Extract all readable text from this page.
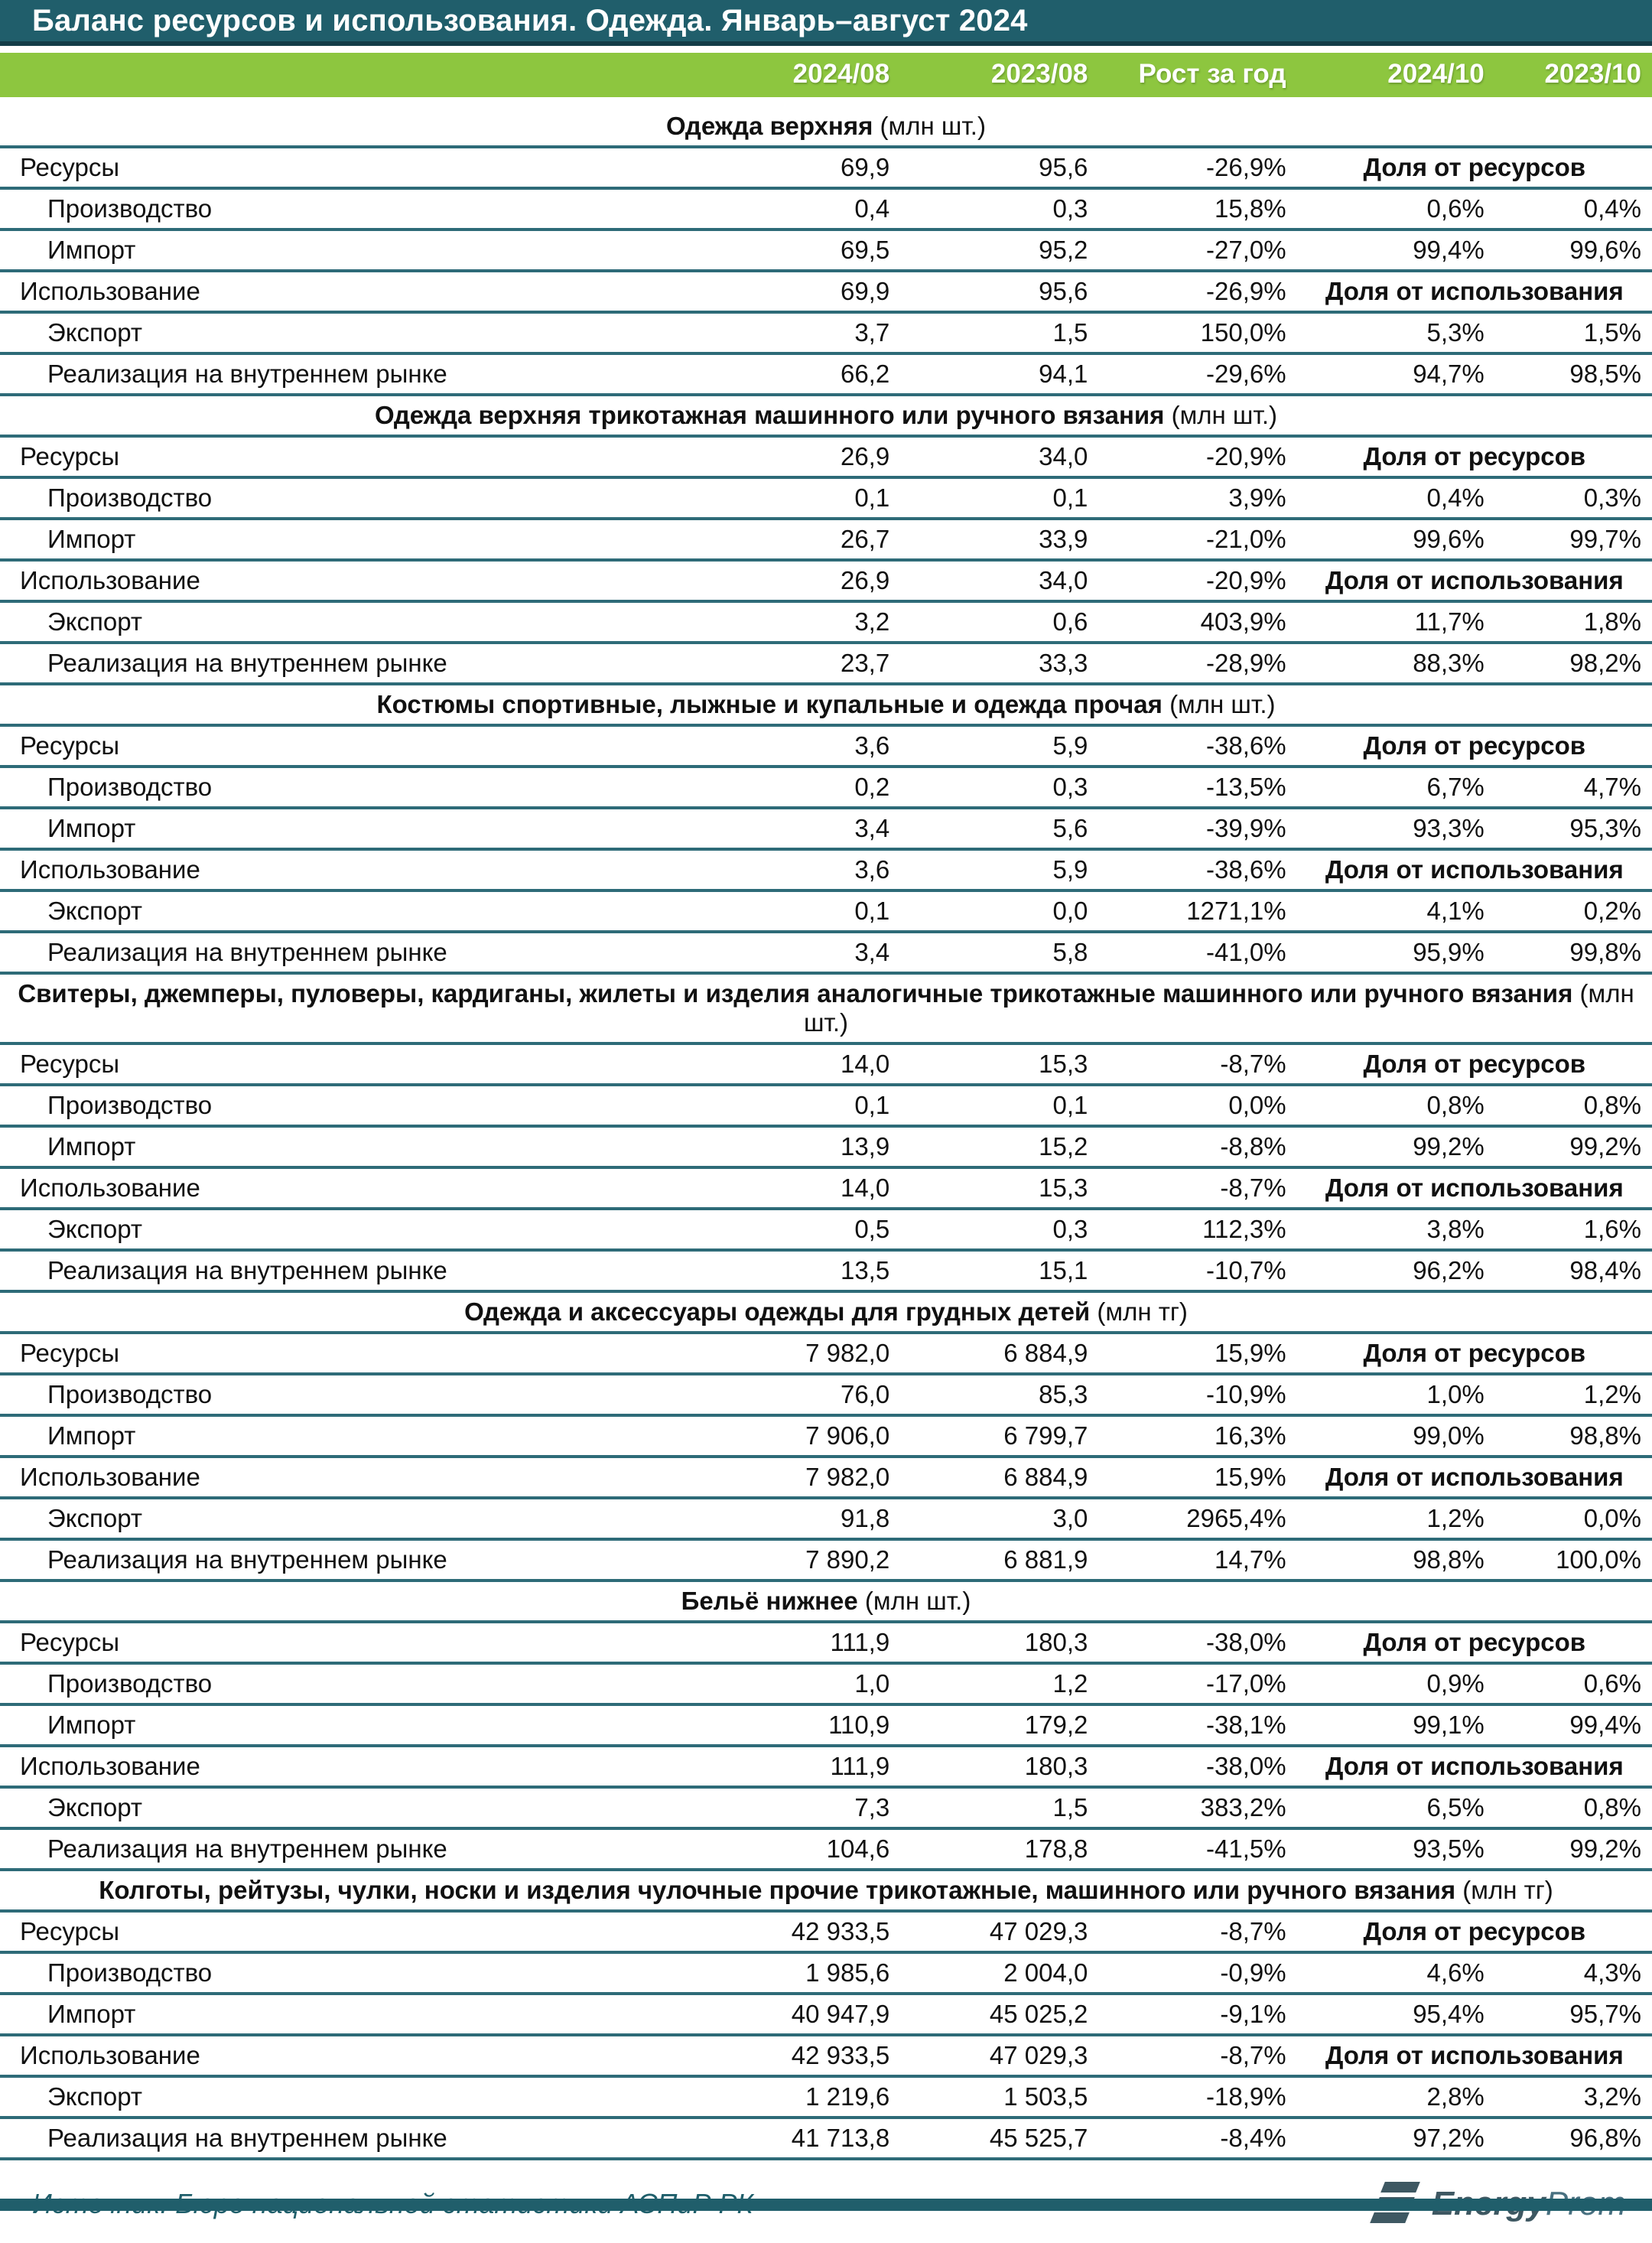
Баланс ресурсов и использования. Одежда. Январь–август 2024
	2024/08	2023/08	Рост за год	2024/10	2023/10
Одежда верхняя (млн шт.)					
Ресурсы	69,9	95,6	-26,9%	Доля от ресурсов	
Производство	0,4	0,3	15,8%	0,6%	0,4%
Импорт	69,5	95,2	-27,0%	99,4%	99,6%
Использование	69,9	95,6	-26,9%	Доля от использования	
Экспорт	3,7	1,5	150,0%	5,3%	1,5%
Реализация на внутреннем рынке	66,2	94,1	-29,6%	94,7%	98,5%
Одежда верхняя трикотажная машинного или ручного вязания (млн шт.)					
Ресурсы	26,9	34,0	-20,9%	Доля от ресурсов	
Производство	0,1	0,1	3,9%	0,4%	0,3%
Импорт	26,7	33,9	-21,0%	99,6%	99,7%
Использование	26,9	34,0	-20,9%	Доля от использования	
Экспорт	3,2	0,6	403,9%	11,7%	1,8%
Реализация на внутреннем рынке	23,7	33,3	-28,9%	88,3%	98,2%
Костюмы спортивные, лыжные и купальные и одежда прочая (млн шт.)					
Ресурсы	3,6	5,9	-38,6%	Доля от ресурсов	
Производство	0,2	0,3	-13,5%	6,7%	4,7%
Импорт	3,4	5,6	-39,9%	93,3%	95,3%
Использование	3,6	5,9	-38,6%	Доля от использования	
Экспорт	0,1	0,0	1271,1%	4,1%	0,2%
Реализация на внутреннем рынке	3,4	5,8	-41,0%	95,9%	99,8%
Свитеры, джемперы, пуловеры, кардиганы, жилеты и изделия аналогичные трикотажные машинного или ручного вязания (млн шт.)					
Ресурсы	14,0	15,3	-8,7%	Доля от ресурсов	
Производство	0,1	0,1	0,0%	0,8%	0,8%
Импорт	13,9	15,2	-8,8%	99,2%	99,2%
Использование	14,0	15,3	-8,7%	Доля от использования	
Экспорт	0,5	0,3	112,3%	3,8%	1,6%
Реализация на внутреннем рынке	13,5	15,1	-10,7%	96,2%	98,4%
Одежда и аксессуары одежды для грудных детей (млн тг)					
Ресурсы	7 982,0	6 884,9	15,9%	Доля от ресурсов	
Производство	76,0	85,3	-10,9%	1,0%	1,2%
Импорт	7 906,0	6 799,7	16,3%	99,0%	98,8%
Использование	7 982,0	6 884,9	15,9%	Доля от использования	
Экспорт	91,8	3,0	2965,4%	1,2%	0,0%
Реализация на внутреннем рынке	7 890,2	6 881,9	14,7%	98,8%	100,0%
Бельё нижнее (млн шт.)					
Ресурсы	111,9	180,3	-38,0%	Доля от ресурсов	
Производство	1,0	1,2	-17,0%	0,9%	0,6%
Импорт	110,9	179,2	-38,1%	99,1%	99,4%
Использование	111,9	180,3	-38,0%	Доля от использования	
Экспорт	7,3	1,5	383,2%	6,5%	0,8%
Реализация на внутреннем рынке	104,6	178,8	-41,5%	93,5%	99,2%
Колготы, рейтузы, чулки, носки и изделия чулочные прочие трикотажные, машинного или ручного вязания (млн тг)					
Ресурсы	42 933,5	47 029,3	-8,7%	Доля от ресурсов	
Производство	1 985,6	2 004,0	-0,9%	4,6%	4,3%
Импорт	40 947,9	45 025,2	-9,1%	95,4%	95,7%
Использование	42 933,5	47 029,3	-8,7%	Доля от использования	
Экспорт	1 219,6	1 503,5	-18,9%	2,8%	3,2%
Реализация на внутреннем рынке	41 713,8	45 525,7	-8,4%	97,2%	96,8%
